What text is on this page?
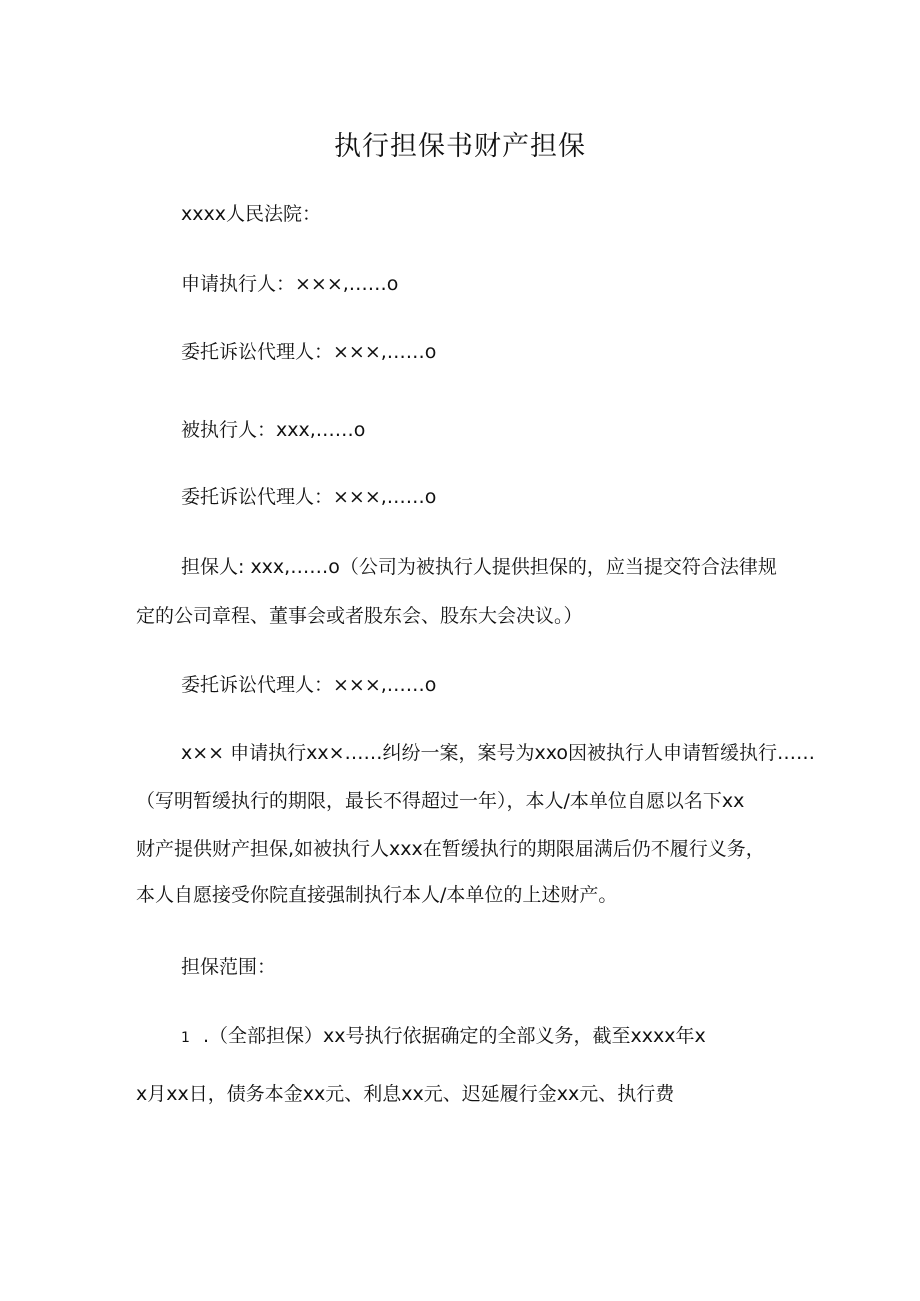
执行担保书财产担保
xxxx人民法院：
申请执行人：×××,……o
委托诉讼代理人：×××,……o
被执行人：xxx,……o
委托诉讼代理人：×××,……o
担保人: xxx,……o（公司为被执行人提供担保的，应当提交符合法律规
定的公司章程、董事会或者股东会、股东大会决议。）
委托诉讼代理人：×××,……o
x×× 申请执行xx×……纠纷一案，案号为xxo因被执行人申请暂缓执行……
（写明暂缓执行的期限，最长不得超过一年），本人/本单位自愿以名下xx
财产提供财产担保,如被执行人xxx在暂缓执行的期限届满后仍不履行义务，
本人自愿接受你院直接强制执行本人/本单位的上述财产。
担保范围：
1 .（全部担保）xx号执行依据确定的全部义务，截至xxxx年x
x月xx日，债务本金xx元、利息xx元、迟延履行金xx元、执行费
